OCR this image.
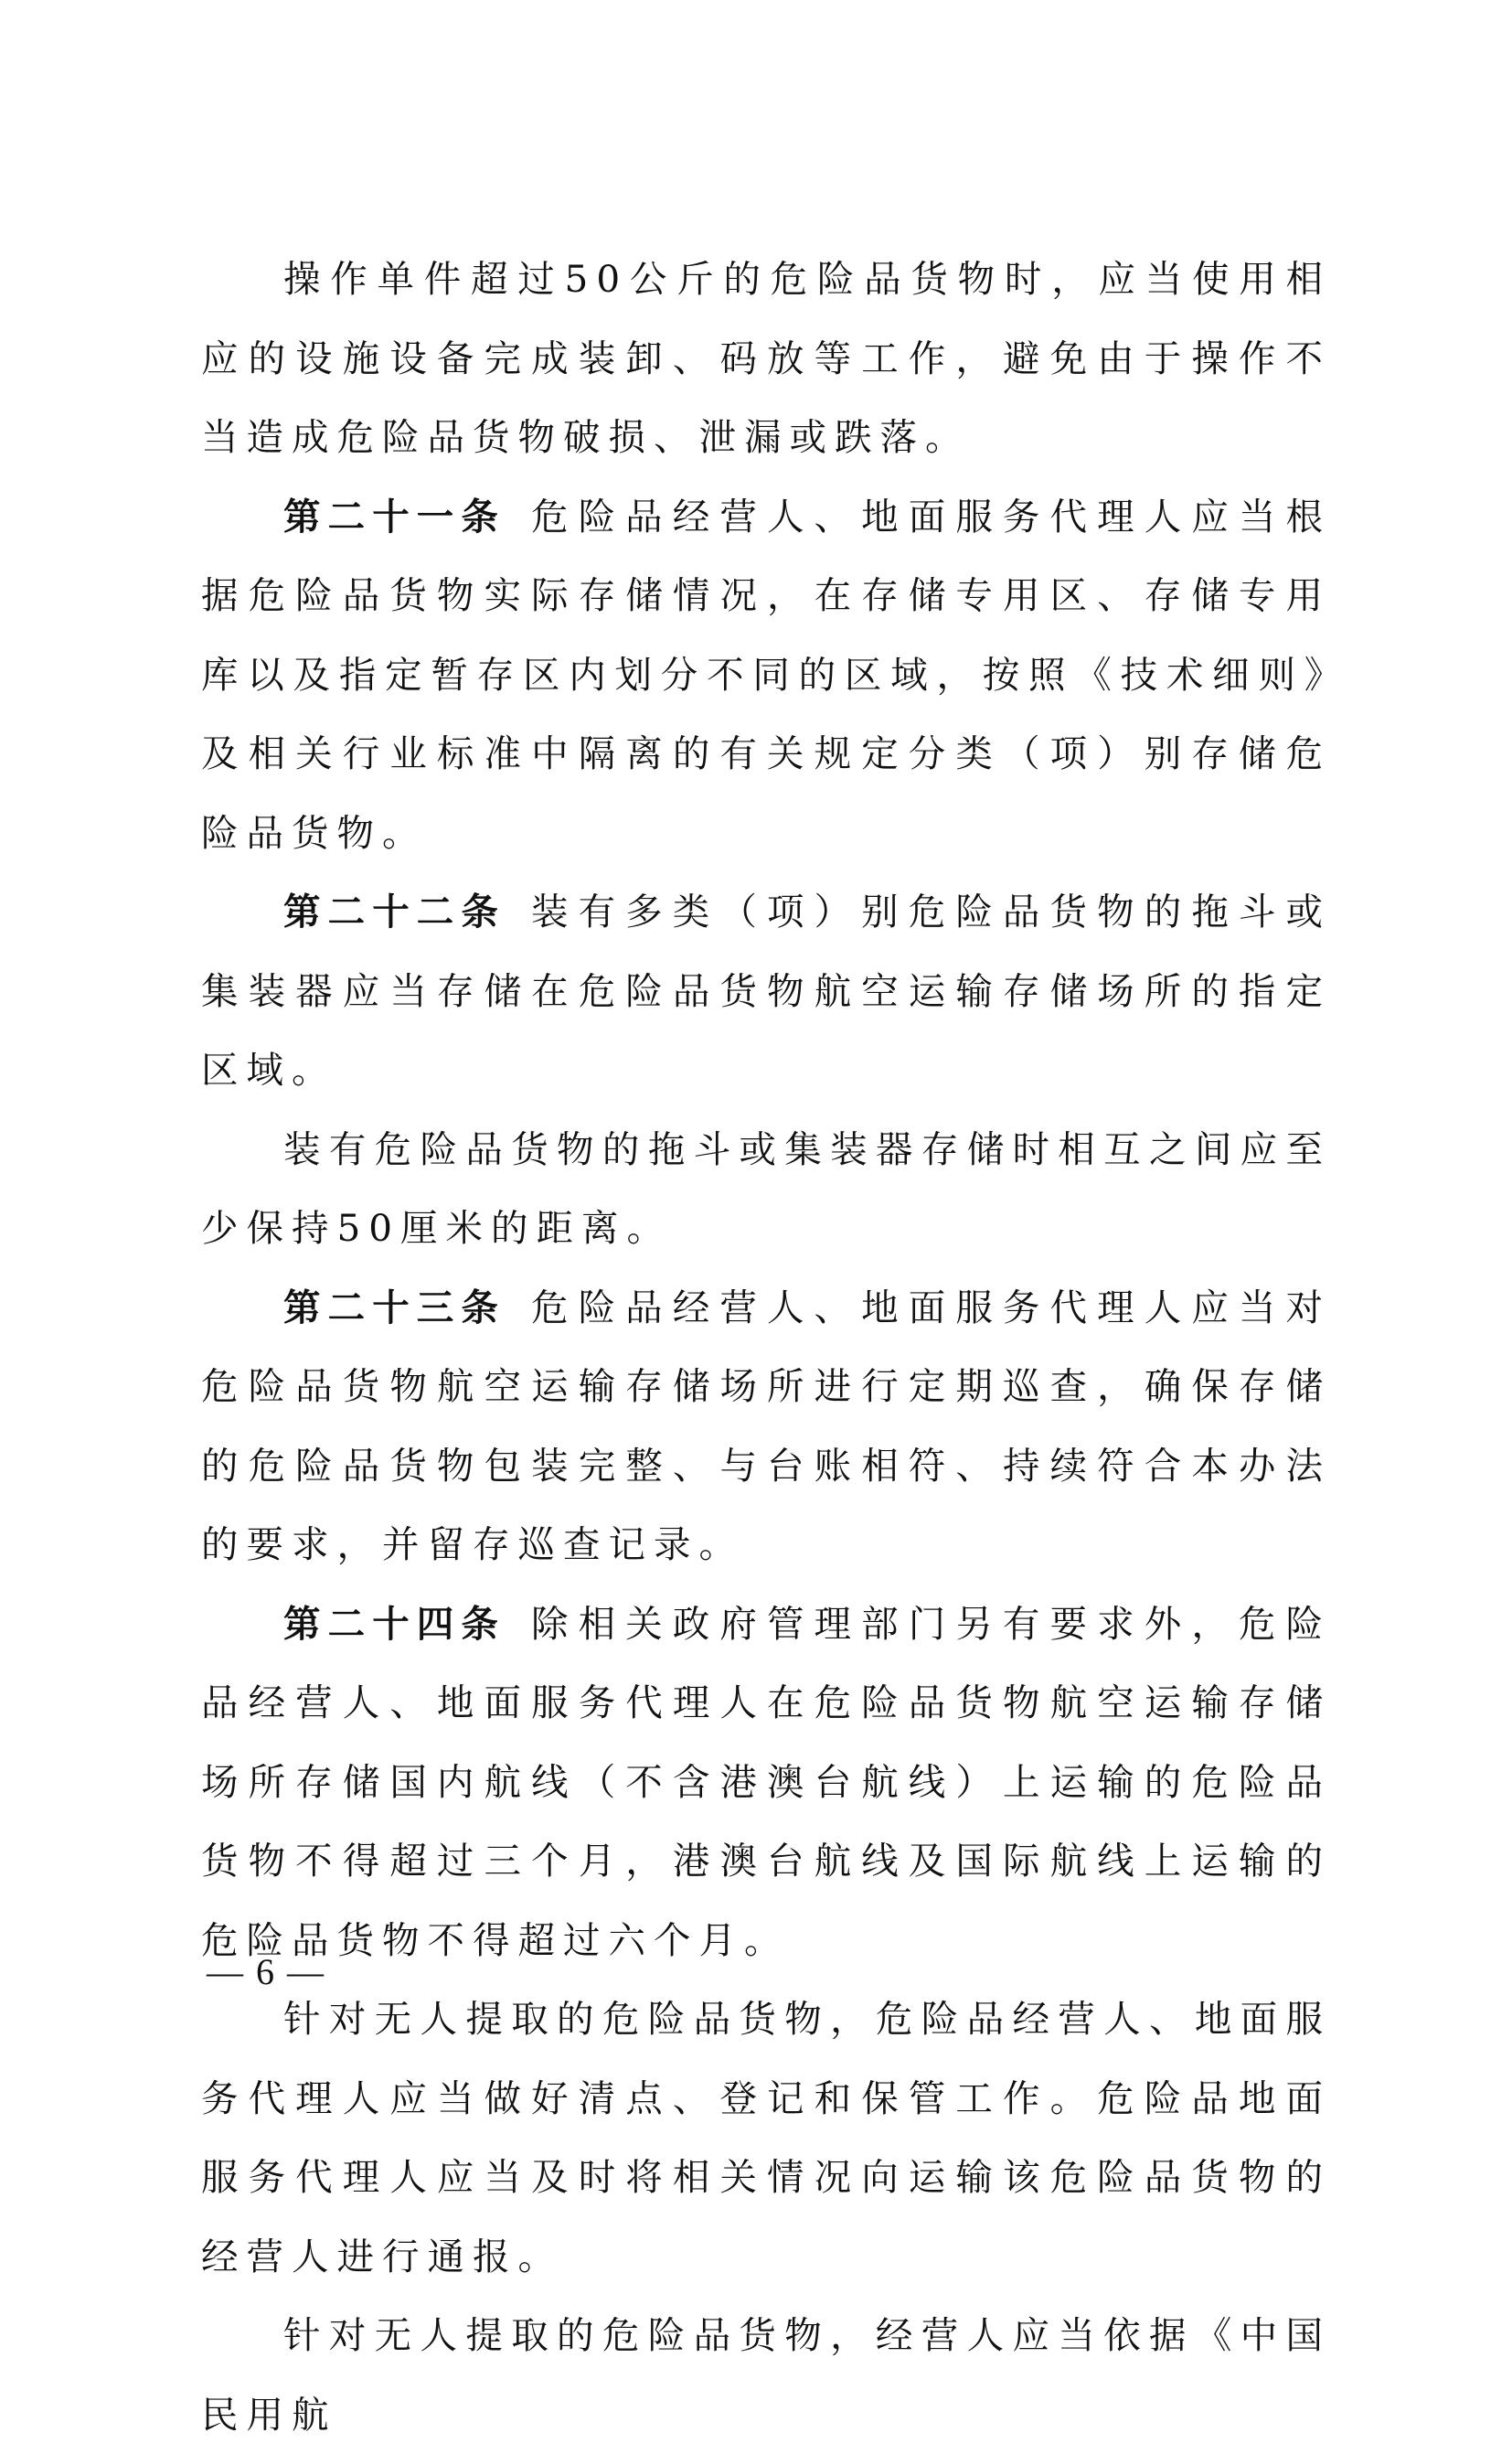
操作单件超过50公斤的危险品货物时，应当使用相应的设施设备完成装卸、码放等工作，避免由于操作不当造成危险品货物破损、泄漏或跌落。

第二十一条 危险品经营人、地面服务代理人应当根据危险品货物实际存储情况，在存储专用区、存储专用库以及指定暂存区内划分不同的区域，按照《技术细则》及相关行业标准中隔离的有关规定分类（项）别存储危险品货物。

第二十二条 装有多类（项）别危险品货物的拖斗或集装器应当存储在危险品货物航空运输存储场所的指定区域。

装有危险品货物的拖斗或集装器存储时相互之间应至少保持50厘米的距离。

第二十三条 危险品经营人、地面服务代理人应当对危险品货物航空运输存储场所进行定期巡查，确保存储的危险品货物包装完整、与台账相符、持续符合本办法的要求，并留存巡查记录。

第二十四条 除相关政府管理部门另有要求外，危险品经营人、地面服务代理人在危险品货物航空运输存储场所存储国内航线（不含港澳台航线）上运输的危险品货物不得超过三个月，港澳台航线及国际航线上运输的危险品货物不得超过六个月。

针对无人提取的危险品货物，危险品经营人、地面服务代理人应当做好清点、登记和保管工作。危险品地面服务代理人应当及时将相关情况向运输该危险品货物的经营人进行通报。

针对无人提取的危险品货物，经营人应当依据《中国民用航

— 6 —
